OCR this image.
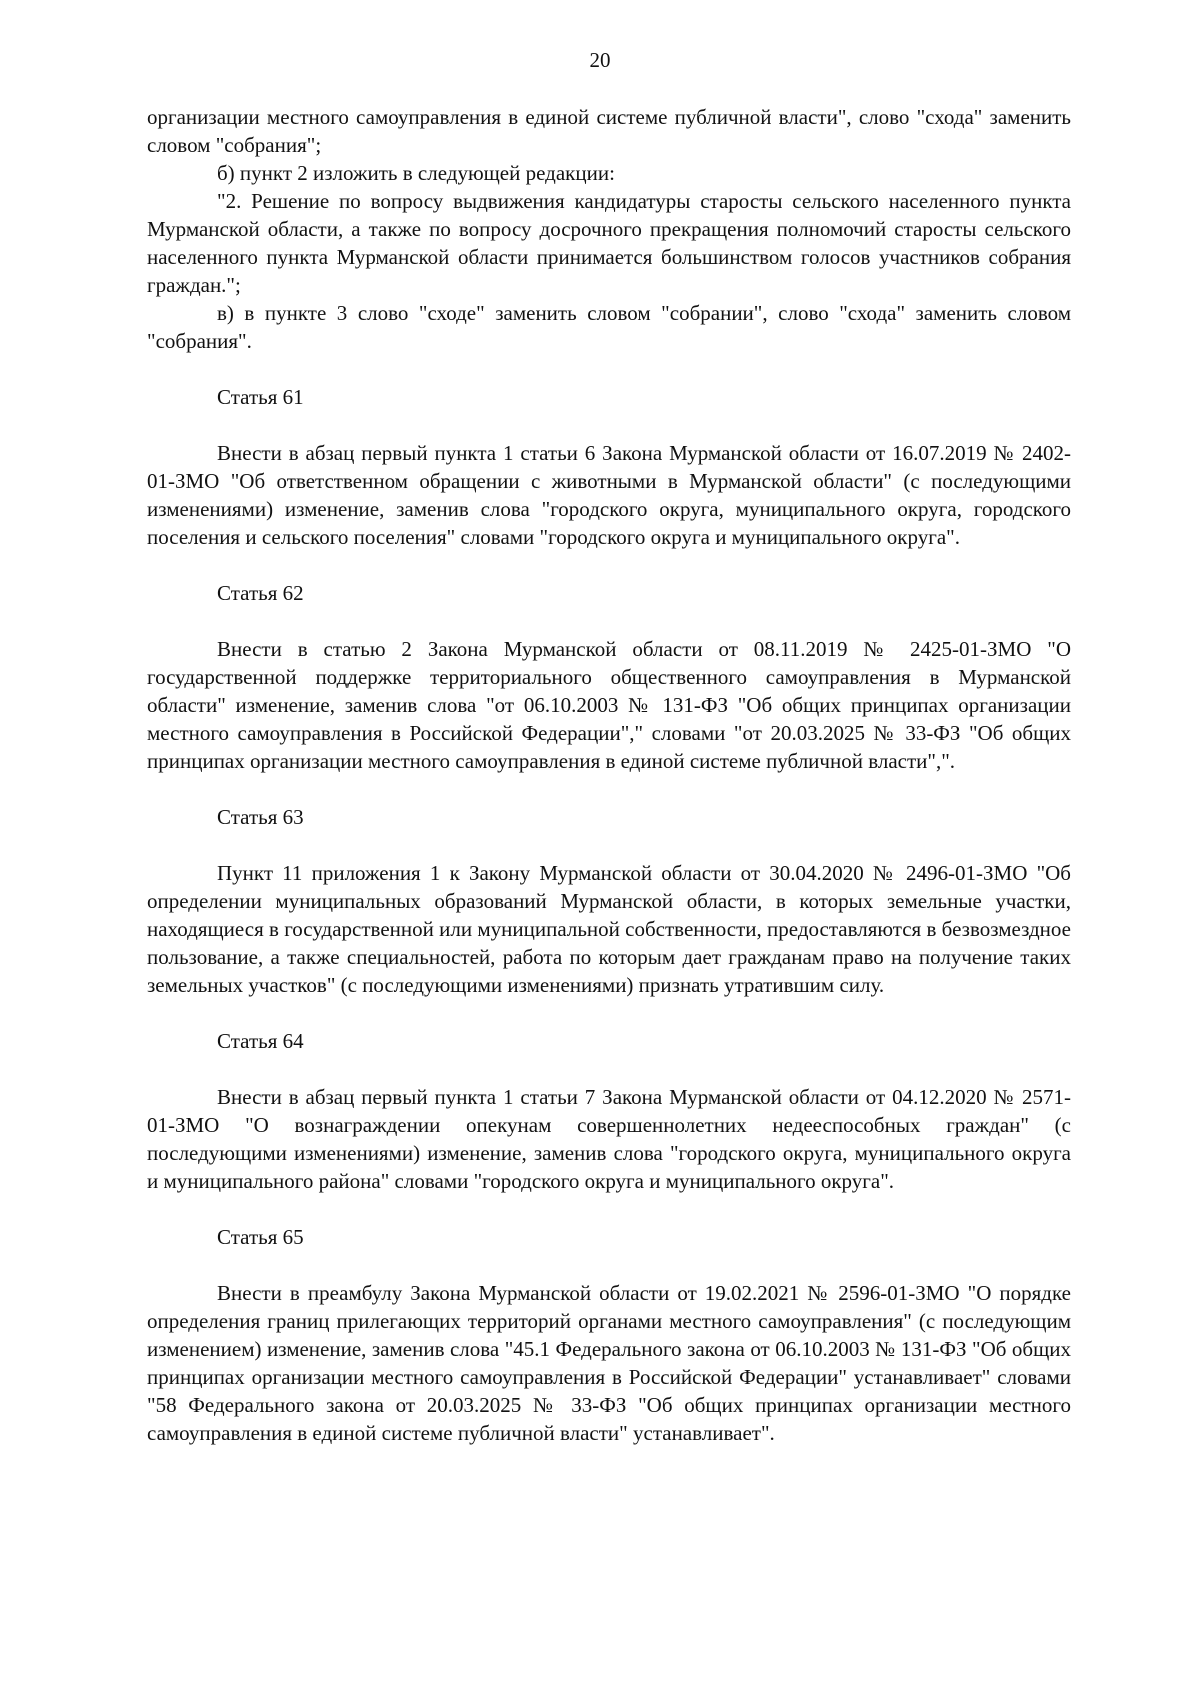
20

организации местного самоуправления в единой системе публичной власти", слово "схода" заменить словом "собрания";

б) пункт 2 изложить в следующей редакции:

"2. Решение по вопросу выдвижения кандидатуры старосты сельского населенного пункта Мурманской области, а также по вопросу досрочного прекращения полномочий старосты сельского населенного пункта Мурманской области принимается большинством голосов участников собрания граждан.";

в) в пункте 3 слово "сходе" заменить словом "собрании", слово "схода" заменить словом "собрания".

Статья 61

Внести в абзац первый пункта 1 статьи 6 Закона Мурманской области от 16.07.2019 № 2402-01-ЗМО "Об ответственном обращении с животными в Мурманской области" (с последующими изменениями) изменение, заменив слова "городского округа, муниципального округа, городского поселения и сельского поселения" словами "городского округа и муниципального округа".

Статья 62

Внести в статью 2 Закона Мурманской области от 08.11.2019 № 2425-01-ЗМО "О государственной поддержке территориального общественного самоуправления в Мурманской области" изменение, заменив слова "от 06.10.2003 № 131-ФЗ "Об общих принципах организации местного самоуправления в Российской Федерации"," словами "от 20.03.2025 № 33-ФЗ "Об общих принципах организации местного самоуправления в единой системе публичной власти",".

Статья 63

Пункт 11 приложения 1 к Закону Мурманской области от 30.04.2020 № 2496-01-ЗМО "Об определении муниципальных образований Мурманской области, в которых земельные участки, находящиеся в государственной или муниципальной собственности, предоставляются в безвозмездное пользование, а также специальностей, работа по которым дает гражданам право на получение таких земельных участков" (с последующими изменениями) признать утратившим силу.

Статья 64

Внести в абзац первый пункта 1 статьи 7 Закона Мурманской области от 04.12.2020 № 2571-01-ЗМО "О вознаграждении опекунам совершеннолетних недееспособных граждан" (с последующими изменениями) изменение, заменив слова "городского округа, муниципального округа и муниципального района" словами "городского округа и муниципального округа".

Статья 65

Внести в преамбулу Закона Мурманской области от 19.02.2021 № 2596-01-ЗМО "О порядке определения границ прилегающих территорий органами местного самоуправления" (с последующим изменением) изменение, заменив слова "45.1 Федерального закона от 06.10.2003 № 131-ФЗ "Об общих принципах организации местного самоуправления в Российской Федерации" устанавливает" словами "58 Федерального закона от 20.03.2025 № 33-ФЗ "Об общих принципах организации местного самоуправления в единой системе публичной власти" устанавливает".
